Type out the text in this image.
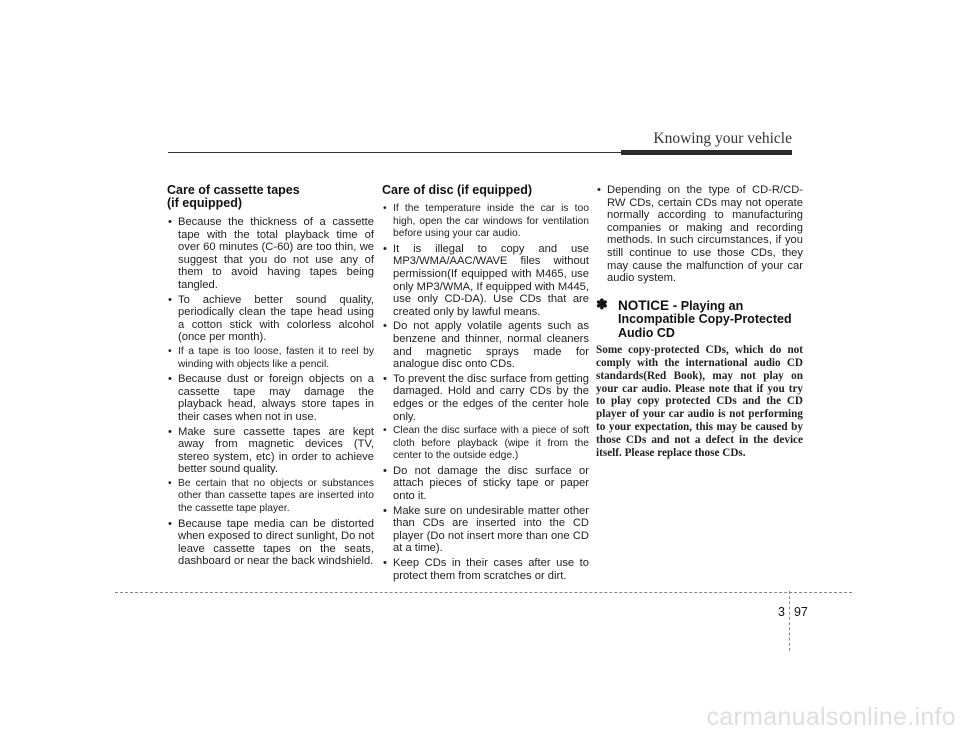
Knowing your vehicle
Care of cassette tapes
(if equipped)
• Because the thickness of a cassette tape with the total playback time of over 60 minutes (C-60) are too thin, we suggest that you do not use any of them to avoid having tapes being tangled.
• To achieve better sound quality, periodically clean the tape head using a cotton stick with colorless alcohol (once per month).
• If a tape is too loose, fasten it to reel by winding with objects like a pencil.
• Because dust or foreign objects on a cassette tape may damage the playback head, always store tapes in their cases when not in use.
• Make sure cassette tapes are kept away from magnetic devices (TV, stereo system, etc) in order to achieve better sound quality.
• Be certain that no objects or substances other than cassette tapes are inserted into the cassette tape player.
• Because tape media can be distorted when exposed to direct sunlight, Do not leave cassette tapes on the seats, dashboard or near the back windshield.
Care of disc (if equipped)
• If the temperature inside the car is too high, open the car windows for ventilation before using your car audio.
• It is illegal to copy and use MP3/WMA/AAC/WAVE files without permission(If equipped with M465, use only MP3/WMA, If equipped with M445, use only CD-DA). Use CDs that are created only by lawful means.
• Do not apply volatile agents such as benzene and thinner, normal cleaners and magnetic sprays made for analogue disc onto CDs.
• To prevent the disc surface from getting damaged. Hold and carry CDs by the edges or the edges of the center hole only.
• Clean the disc surface with a piece of soft cloth before playback (wipe it from the center to the outside edge.)
• Do not damage the disc surface or attach pieces of sticky tape or paper onto it.
• Make sure on undesirable matter other than CDs are inserted into the CD player (Do not insert more than one CD at a time).
• Keep CDs in their cases after use to protect them from scratches or dirt.
• Depending on the type of CD-R/CD-RW CDs, certain CDs may not operate normally according to manufacturing companies or making and recording methods. In such circumstances, if you still continue to use those CDs, they may cause the malfunction of your car audio system.
✽ NOTICE - Playing an
Incompatible Copy-Protected
Audio CD
Some copy-protected CDs, which do not comply with the international audio CD standards(Red Book), may not play on your car audio. Please note that if you try to play copy protected CDs and the CD player of your car audio is not performing to your expectation, this may be caused by those CDs and not a defect in the device itself. Please replace those CDs.
3 97
carmanualsonline.info
